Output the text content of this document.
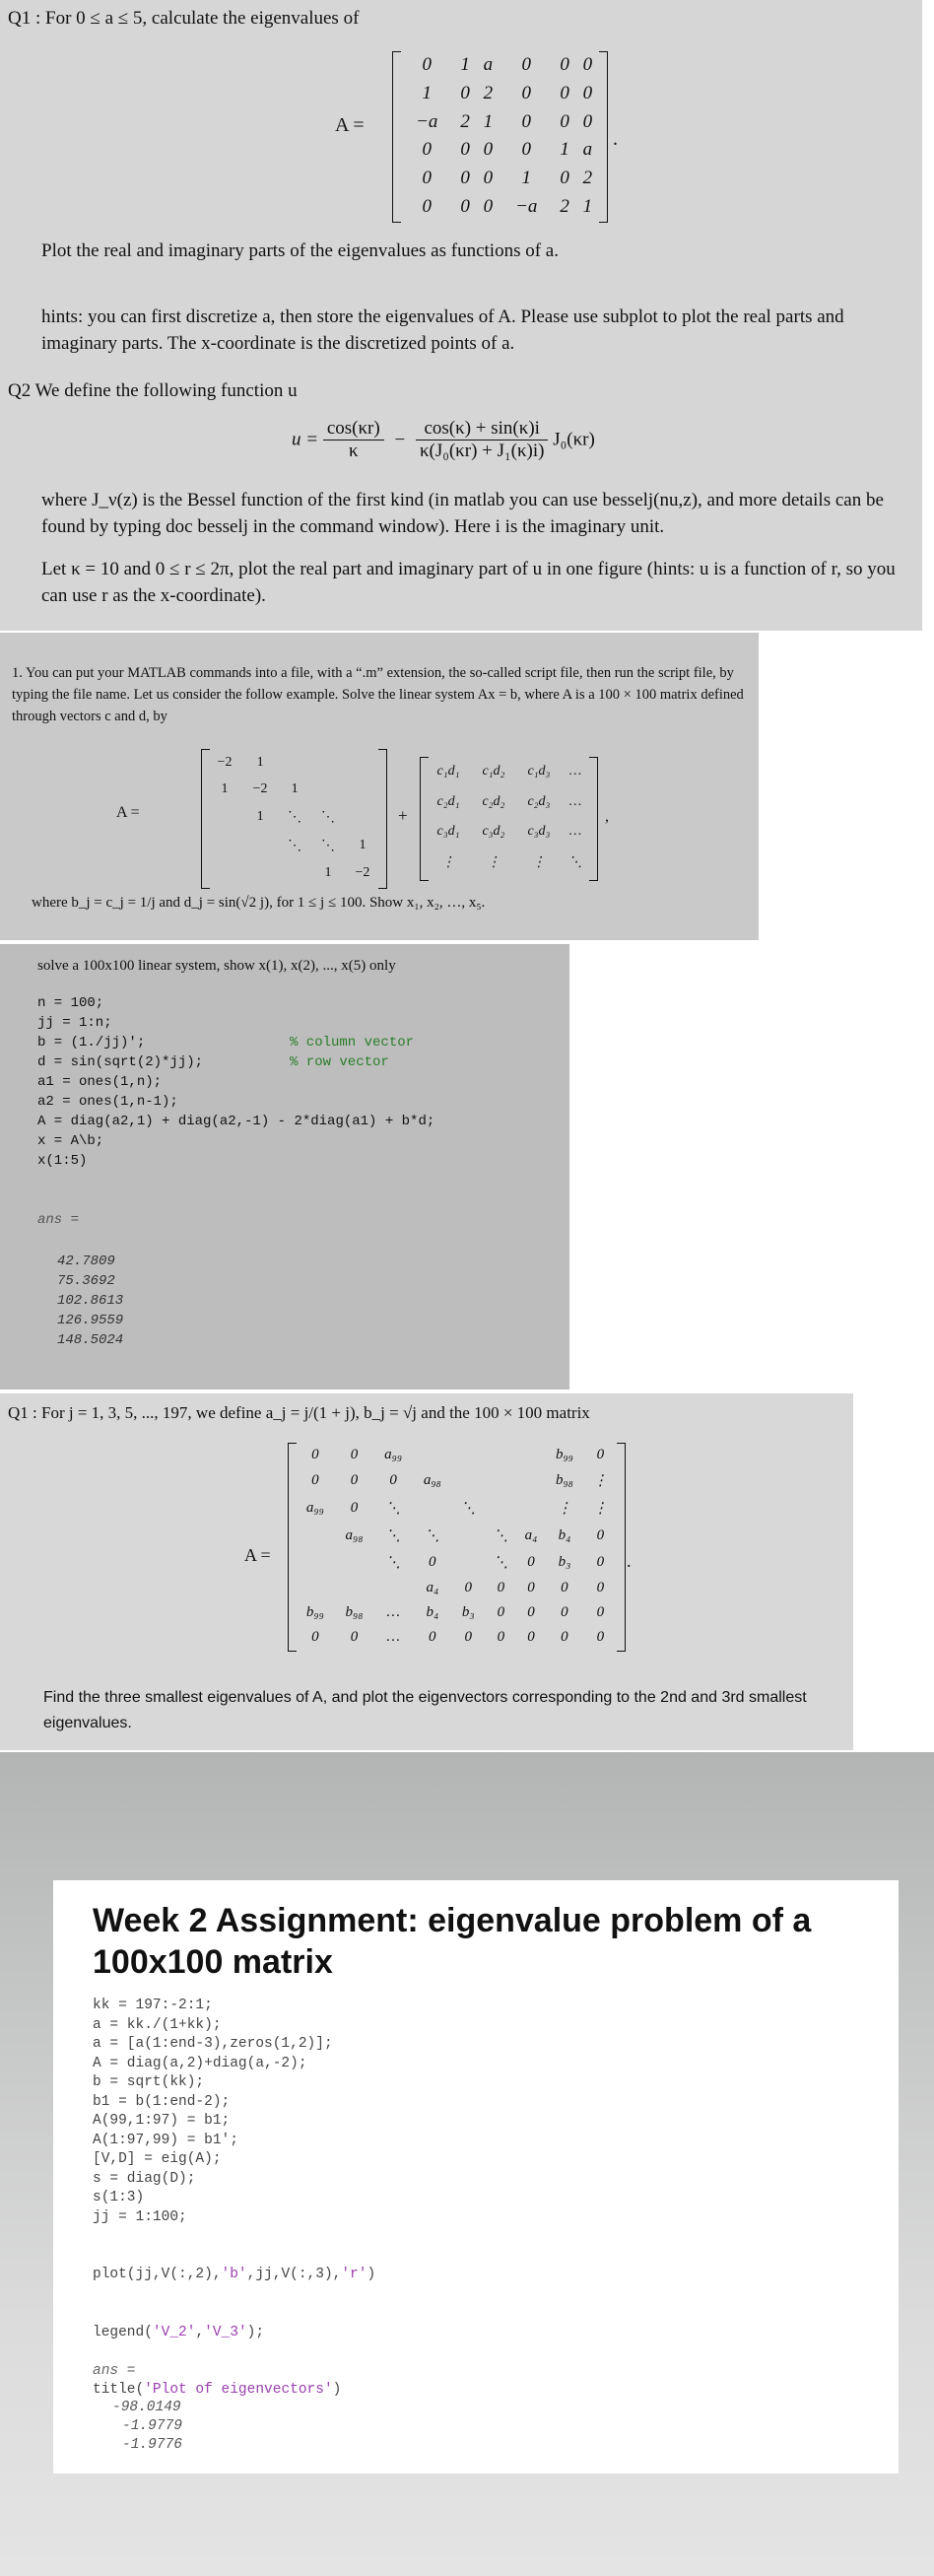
Q1 : For 0 ≤ a ≤ 5, calculate the eigenvalues of
A =
0	1	a	0	0	0
1	0	2	0	0	0
−a	2	1	0	0	0
0	0	0	0	1	a
0	0	0	1	0	2
0	0	0	−a	2	1
.
Plot the real and imaginary parts of the eigenvalues as functions of a.
hints: you can first discretize a, then store the eigenvalues of A. Please use subplot to plot the real parts and imaginary parts. The x-coordinate is the discretized points of a.
Q2 We define the following function u
$u = \frac{\cos(\kappa r)}{\kappa} - \frac{\cos(\kappa) + \sin(\kappa)i}{\text{κ(J₀(κr) + J₁(κ)i)}} J_0(\kappa r)$
where J_ν(z) is the Bessel function of the first kind (in matlab you can use besselj(nu,z), and more details can be found by typing doc besselj in the command window). Here i is the imaginary unit.
Let κ = 10 and 0 ≤ r ≤ 2π, plot the real part and imaginary part of u in one figure (hints: u is a function of r, so you can use r as the x-coordinate).
1. You can put your MATLAB commands into a file, with a “.m” extension, the so-called script file, then run the script file, by typing the file name. Let us consider the follow example. Solve the linear system Ax = b, where A is a 100 × 100 matrix defined through vectors c and d, by
A =
−2	1			
1	−2	1		
	1	⋱	⋱	
		⋱	⋱	1
			1	−2
+
c₁d₁	c₁d₂	c₁d₃	…
c₂d₁	c₂d₂	c₂d₃	…
c₃d₁	c₃d₂	c₃d₃	…
⋮	⋮	⋮	⋱
,
where b_j = c_j = 1/j and d_j = sin(√2 j), for 1 ≤ j ≤ 100. Show x₁, x₂, …, x₅.
solve a 100x100 linear system, show x(1), x(2), ..., x(5) only
n = 100;
jj = 1:n;
b = (1./jj)';	% column vector
d = sin(sqrt(2)*jj);	% row vector
a1 = ones(1,n);
a2 = ones(1,n-1);
A = diag(a2,1) + diag(a2,-1) - 2*diag(a1) + b*d;
x = A\b;
x(1:5)
ans =
42.7809
75.3692
102.8613
126.9559
148.5024
Q1 : For j = 1, 3, 5, ..., 197, we define a_j = j/(1 + j), b_j = √j and the 100 × 100 matrix
A =
0	0	a₉₉						b₉₉	0
0	0	0	a₉₈					b₉₈	⋮
a₉₉	0	⋱		⋱				⋮	⋮
	a₉₈	⋱	⋱		⋱	a₄		b₄	0
		⋱	0		⋱	0		b₃	0
			a₄	0	0	0		0	0
b₉₉	b₉₈	…	b₄	b₃	0	0		0	0
0	0	…	0	0	0	0		0	0
.
Find the three smallest eigenvalues of A, and plot the eigenvectors corresponding to the 2nd and 3rd smallest eigenvalues.
Week 2 Assignment: eigenvalue problem of a 100x100 matrix
kk = 197:-2:1;
a = kk./(1+kk);
a = [a(1:end-3),zeros(1,2)];
A = diag(a,2)+diag(a,-2);
b = sqrt(kk);
b1 = b(1:end-2);
A(99,1:97) = b1;
A(1:97,99) = b1';
[V,D] = eig(A);
s = diag(D);
s(1:3)
jj = 1:100;

plot(jj,V(:,2),'b',jj,V(:,3),'r')

legend('V_2','V_3');

title('Plot of eigenvectors')

ans =
-98.0149
-1.9779
-1.9776
